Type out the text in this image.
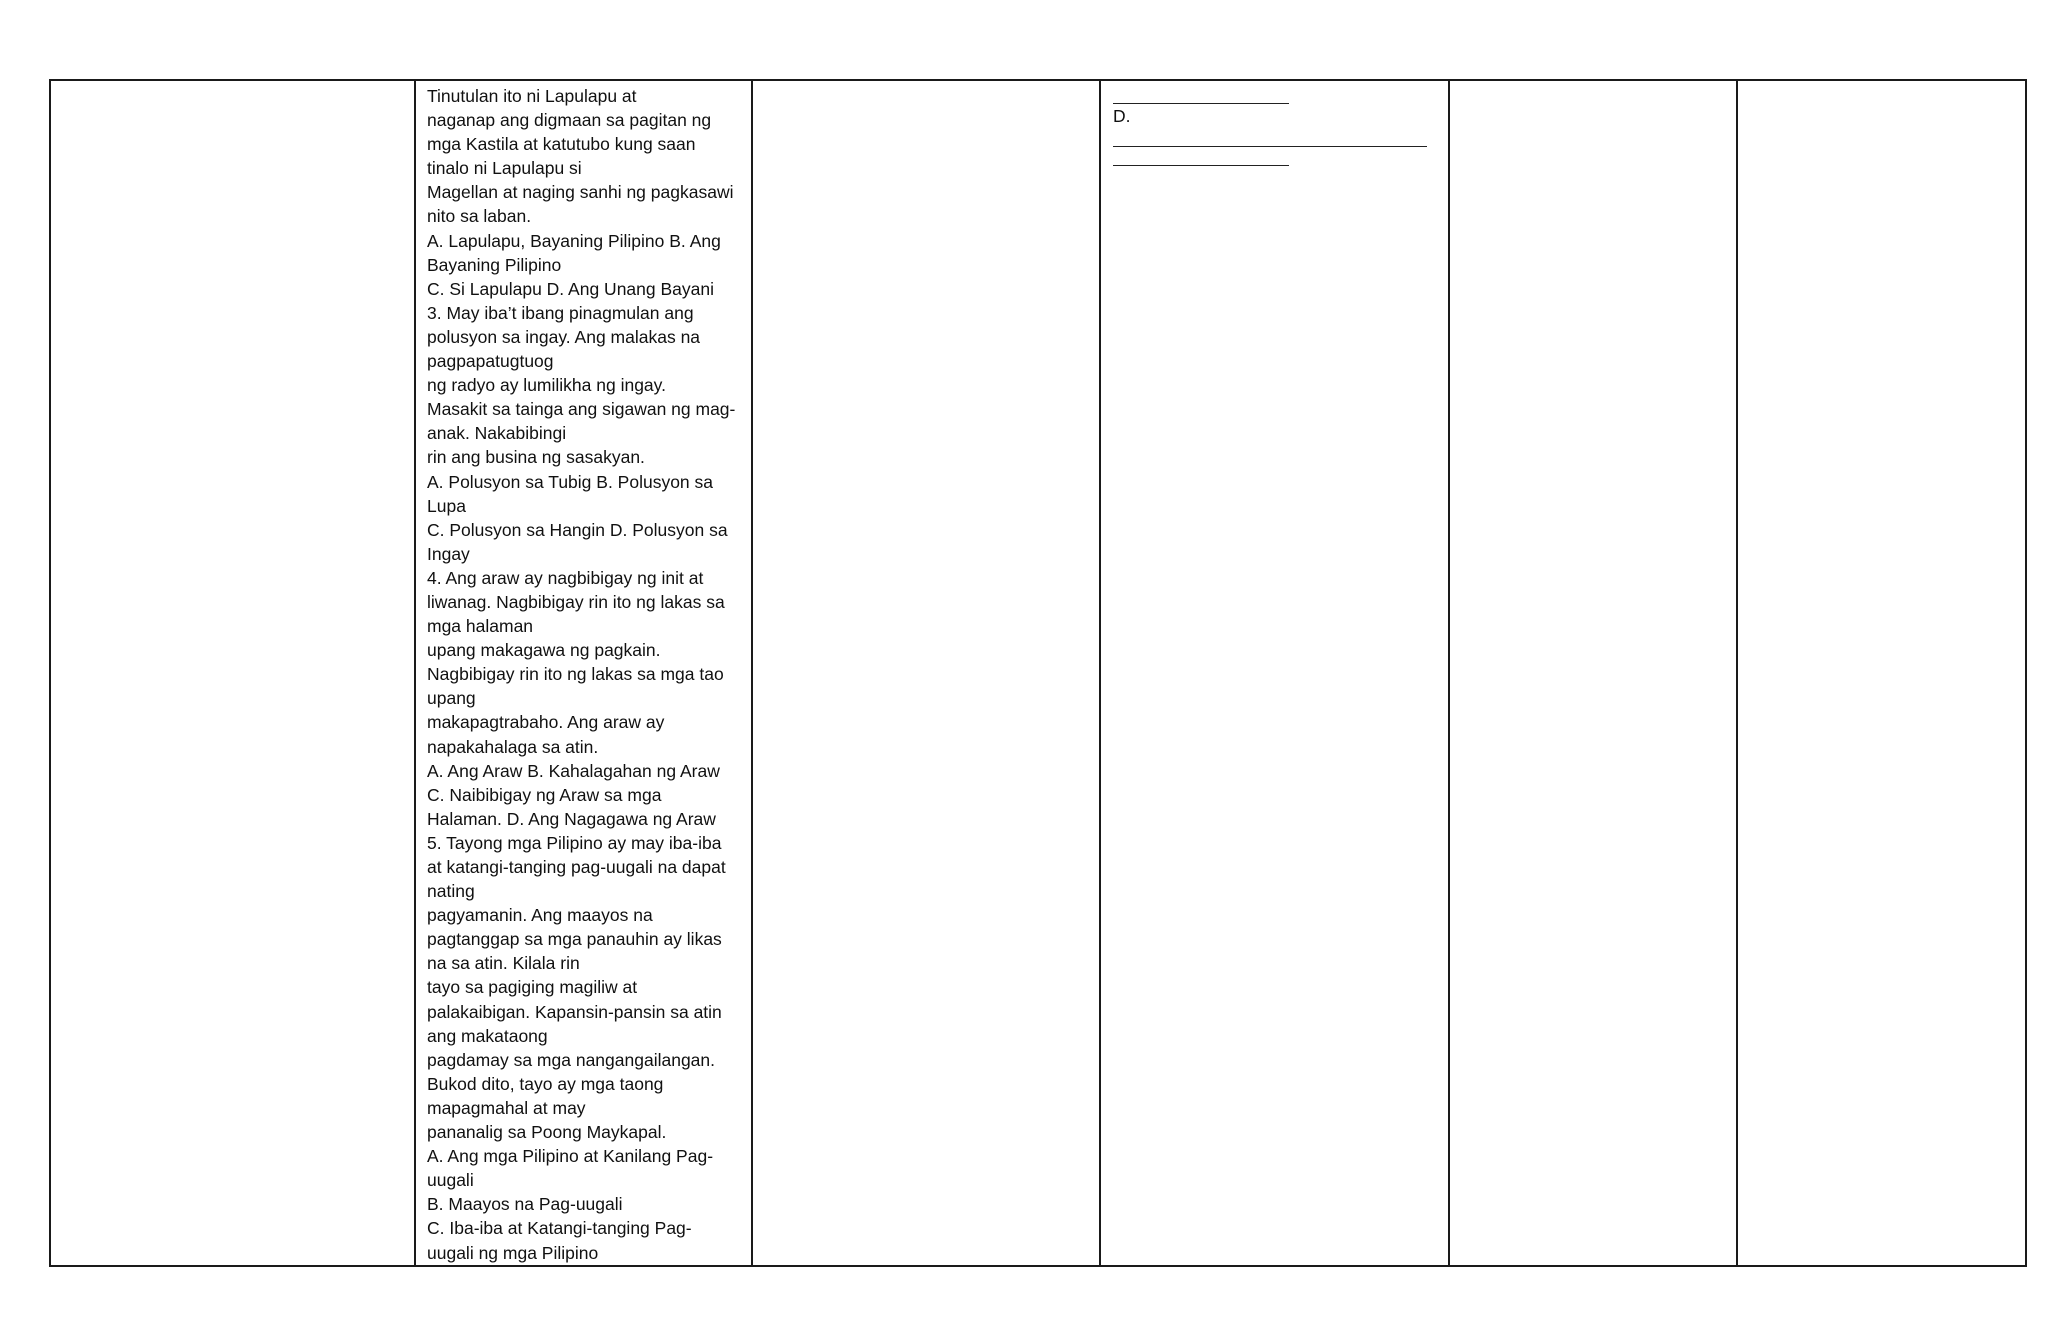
Tinutulan ito ni Lapulapu at
naganap ang digmaan sa pagitan ng
mga Kastila at katutubo kung saan
tinalo ni Lapulapu si
Magellan at naging sanhi ng pagkasawi
nito sa laban.
A. Lapulapu, Bayaning Pilipino B. Ang
Bayaning Pilipino
C. Si Lapulapu D. Ang Unang Bayani
3. May iba’t ibang pinagmulan ang
polusyon sa ingay. Ang malakas na
pagpapatugtuog
ng radyo ay lumilikha ng ingay.
Masakit sa tainga ang sigawan ng mag-
anak. Nakabibingi
rin ang busina ng sasakyan.
A. Polusyon sa Tubig B. Polusyon sa
Lupa
C. Polusyon sa Hangin D. Polusyon sa
Ingay
4. Ang araw ay nagbibigay ng init at
liwanag. Nagbibigay rin ito ng lakas sa
mga halaman
upang makagawa ng pagkain.
Nagbibigay rin ito ng lakas sa mga tao
upang
makapagtrabaho. Ang araw ay
napakahalaga sa atin.
A. Ang Araw B. Kahalagahan ng Araw
C. Naibibigay ng Araw sa mga
Halaman. D. Ang Nagagawa ng Araw
5. Tayong mga Pilipino ay may iba-iba
at katangi-tanging pag-uugali na dapat
nating
pagyamanin. Ang maayos na
pagtanggap sa mga panauhin ay likas
na sa atin. Kilala rin
tayo sa pagiging magiliw at
palakaibigan. Kapansin-pansin sa atin
ang makataong
pagdamay sa mga nangangailangan.
Bukod dito, tayo ay mga taong
mapagmahal at may
pananalig sa Poong Maykapal.
A. Ang mga Pilipino at Kanilang Pag-
uugali
B. Maayos na Pag-uugali
C. Iba-iba at Katangi-tanging Pag-
uugali ng mga Pilipino

D.
